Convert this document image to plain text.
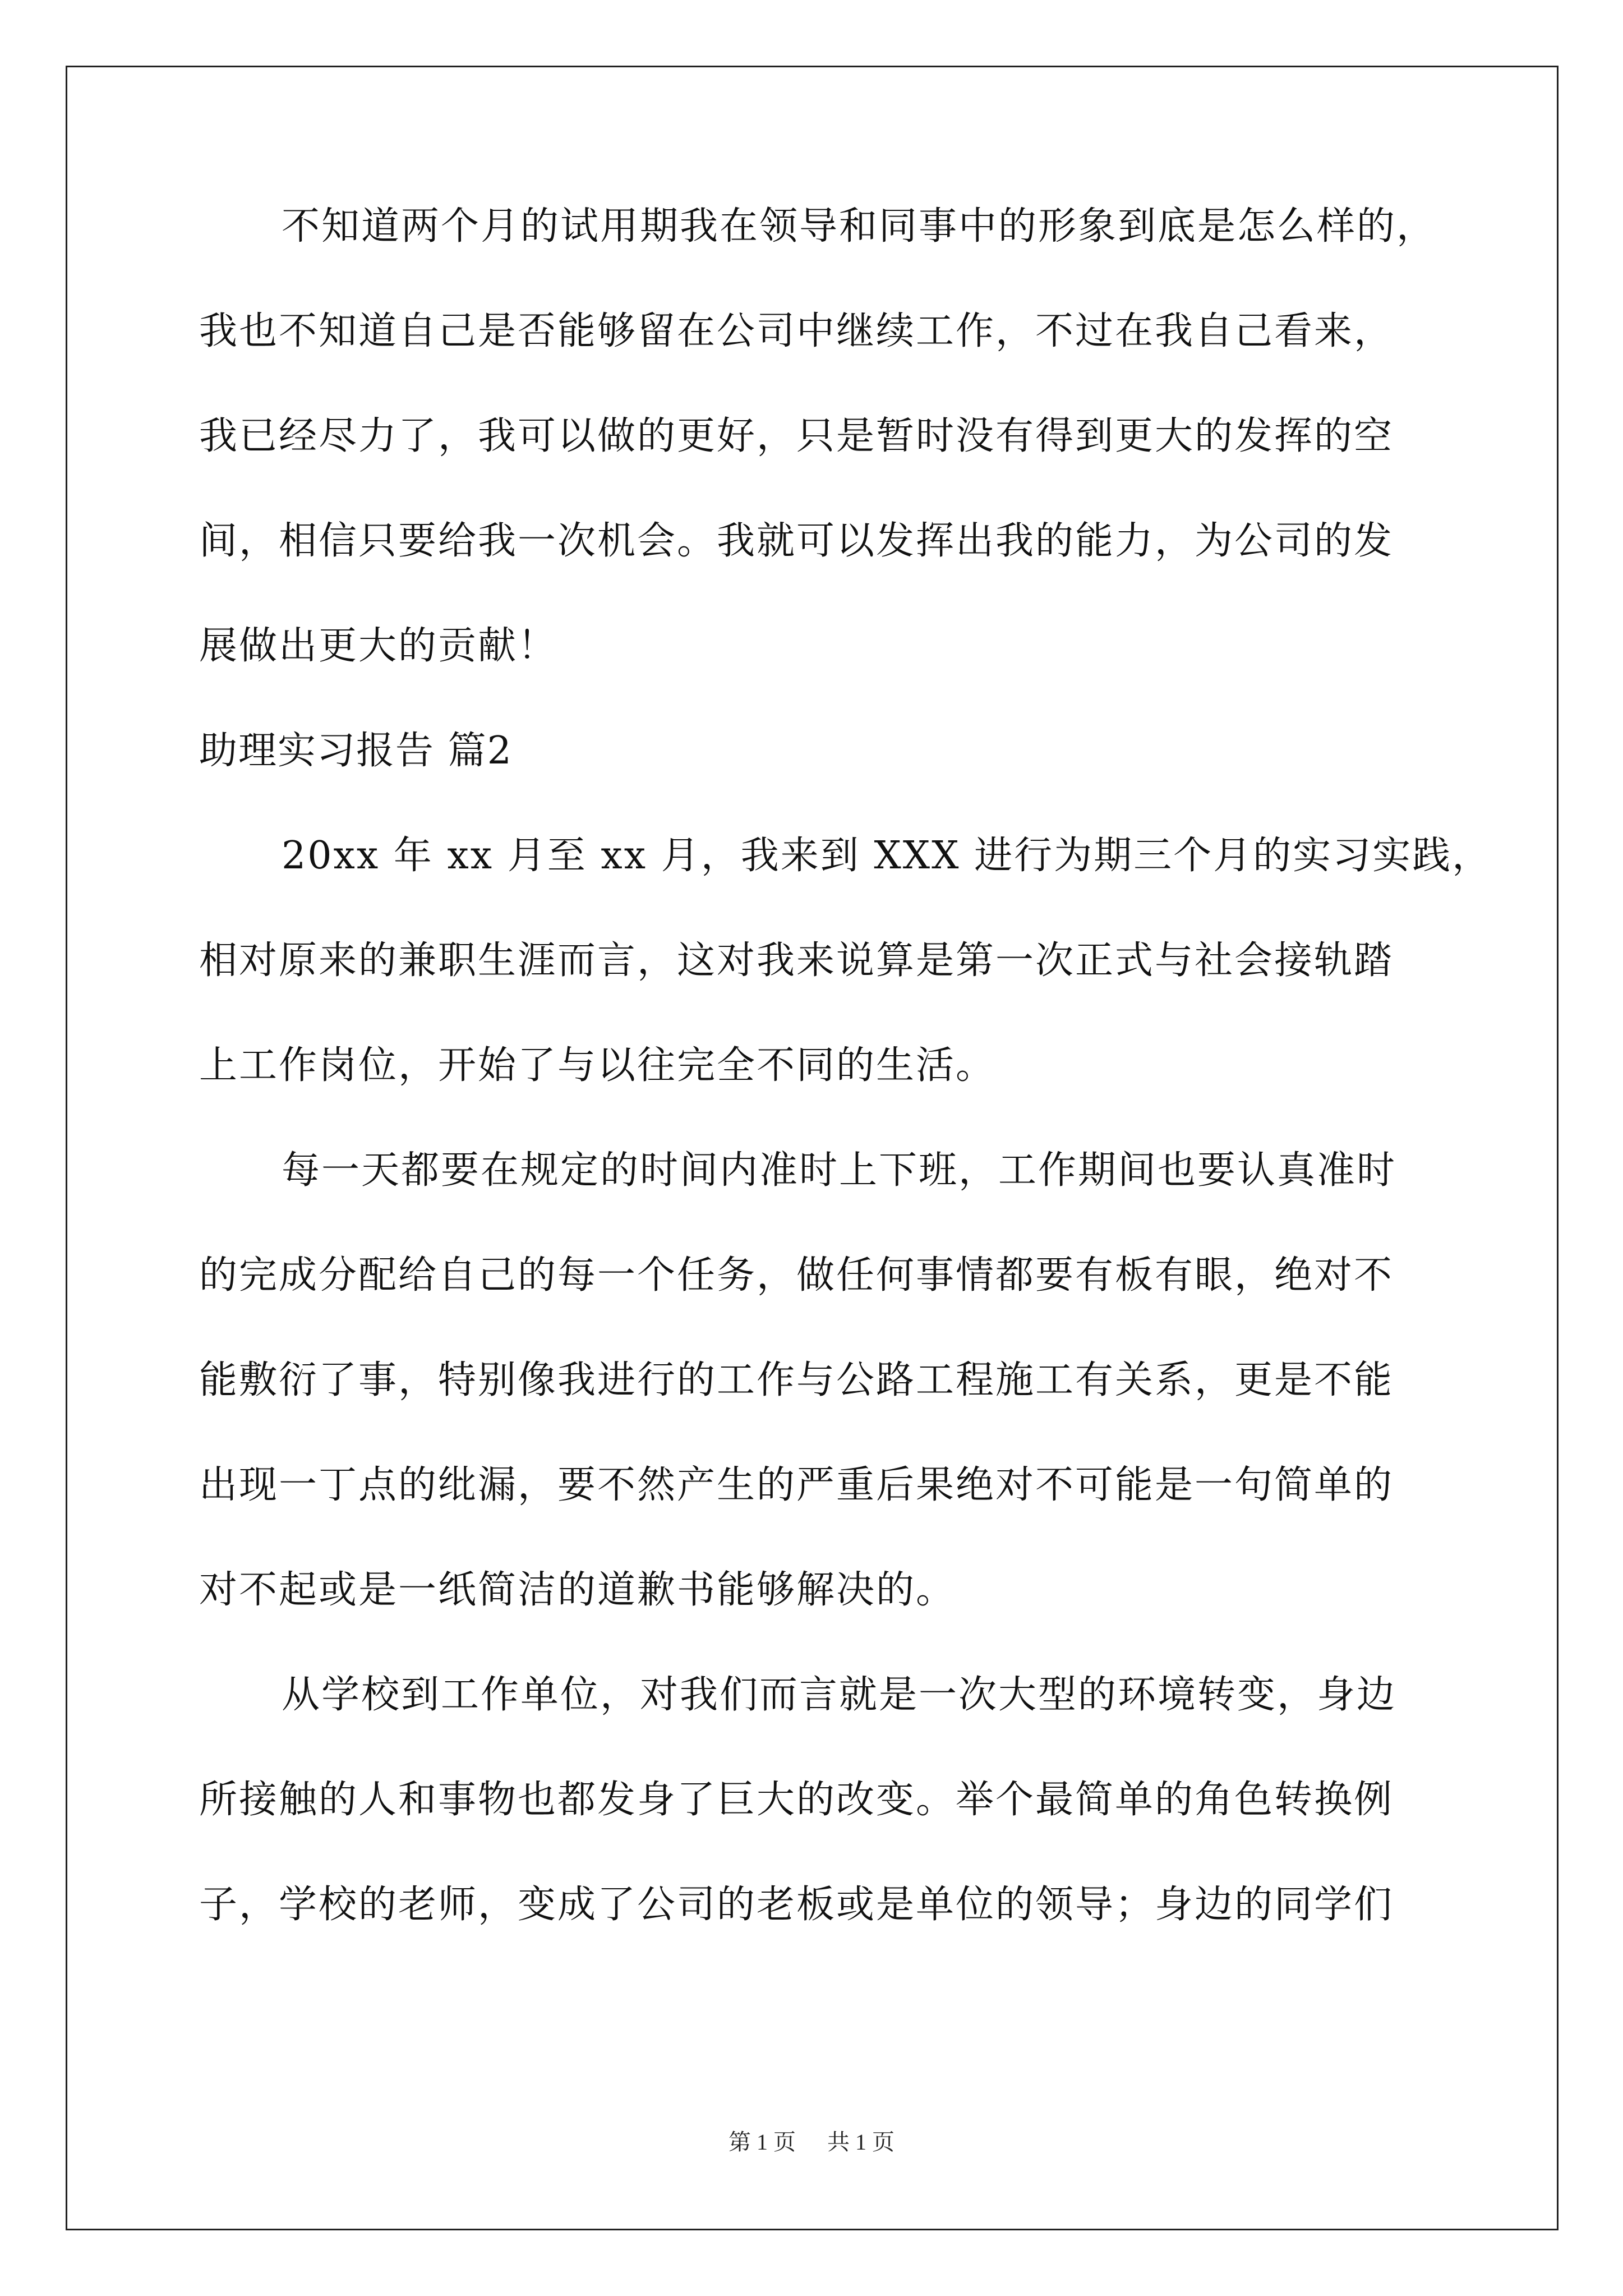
不知道两个月的试用期我在领导和同事中的形象到底是怎么样的，
我也不知道自己是否能够留在公司中继续工作，不过在我自己看来，
我已经尽力了，我可以做的更好，只是暂时没有得到更大的发挥的空
间，相信只要给我一次机会。我就可以发挥出我的能力，为公司的发
展做出更大的贡献！
助理实习报告 篇2
20xx 年 xx 月至 xx 月，我来到 XXX 进行为期三个月的实习实践，
相对原来的兼职生涯而言，这对我来说算是第一次正式与社会接轨踏
上工作岗位，开始了与以往完全不同的生活。
每一天都要在规定的时间内准时上下班，工作期间也要认真准时
的完成分配给自己的每一个任务，做任何事情都要有板有眼，绝对不
能敷衍了事，特别像我进行的工作与公路工程施工有关系，更是不能
出现一丁点的纰漏，要不然产生的严重后果绝对不可能是一句简单的
对不起或是一纸简洁的道歉书能够解决的。
从学校到工作单位，对我们而言就是一次大型的环境转变，身边
所接触的人和事物也都发身了巨大的改变。举个最简单的角色转换例
子，学校的老师，变成了公司的老板或是单位的领导；身边的同学们
第 1 页 共 1 页
